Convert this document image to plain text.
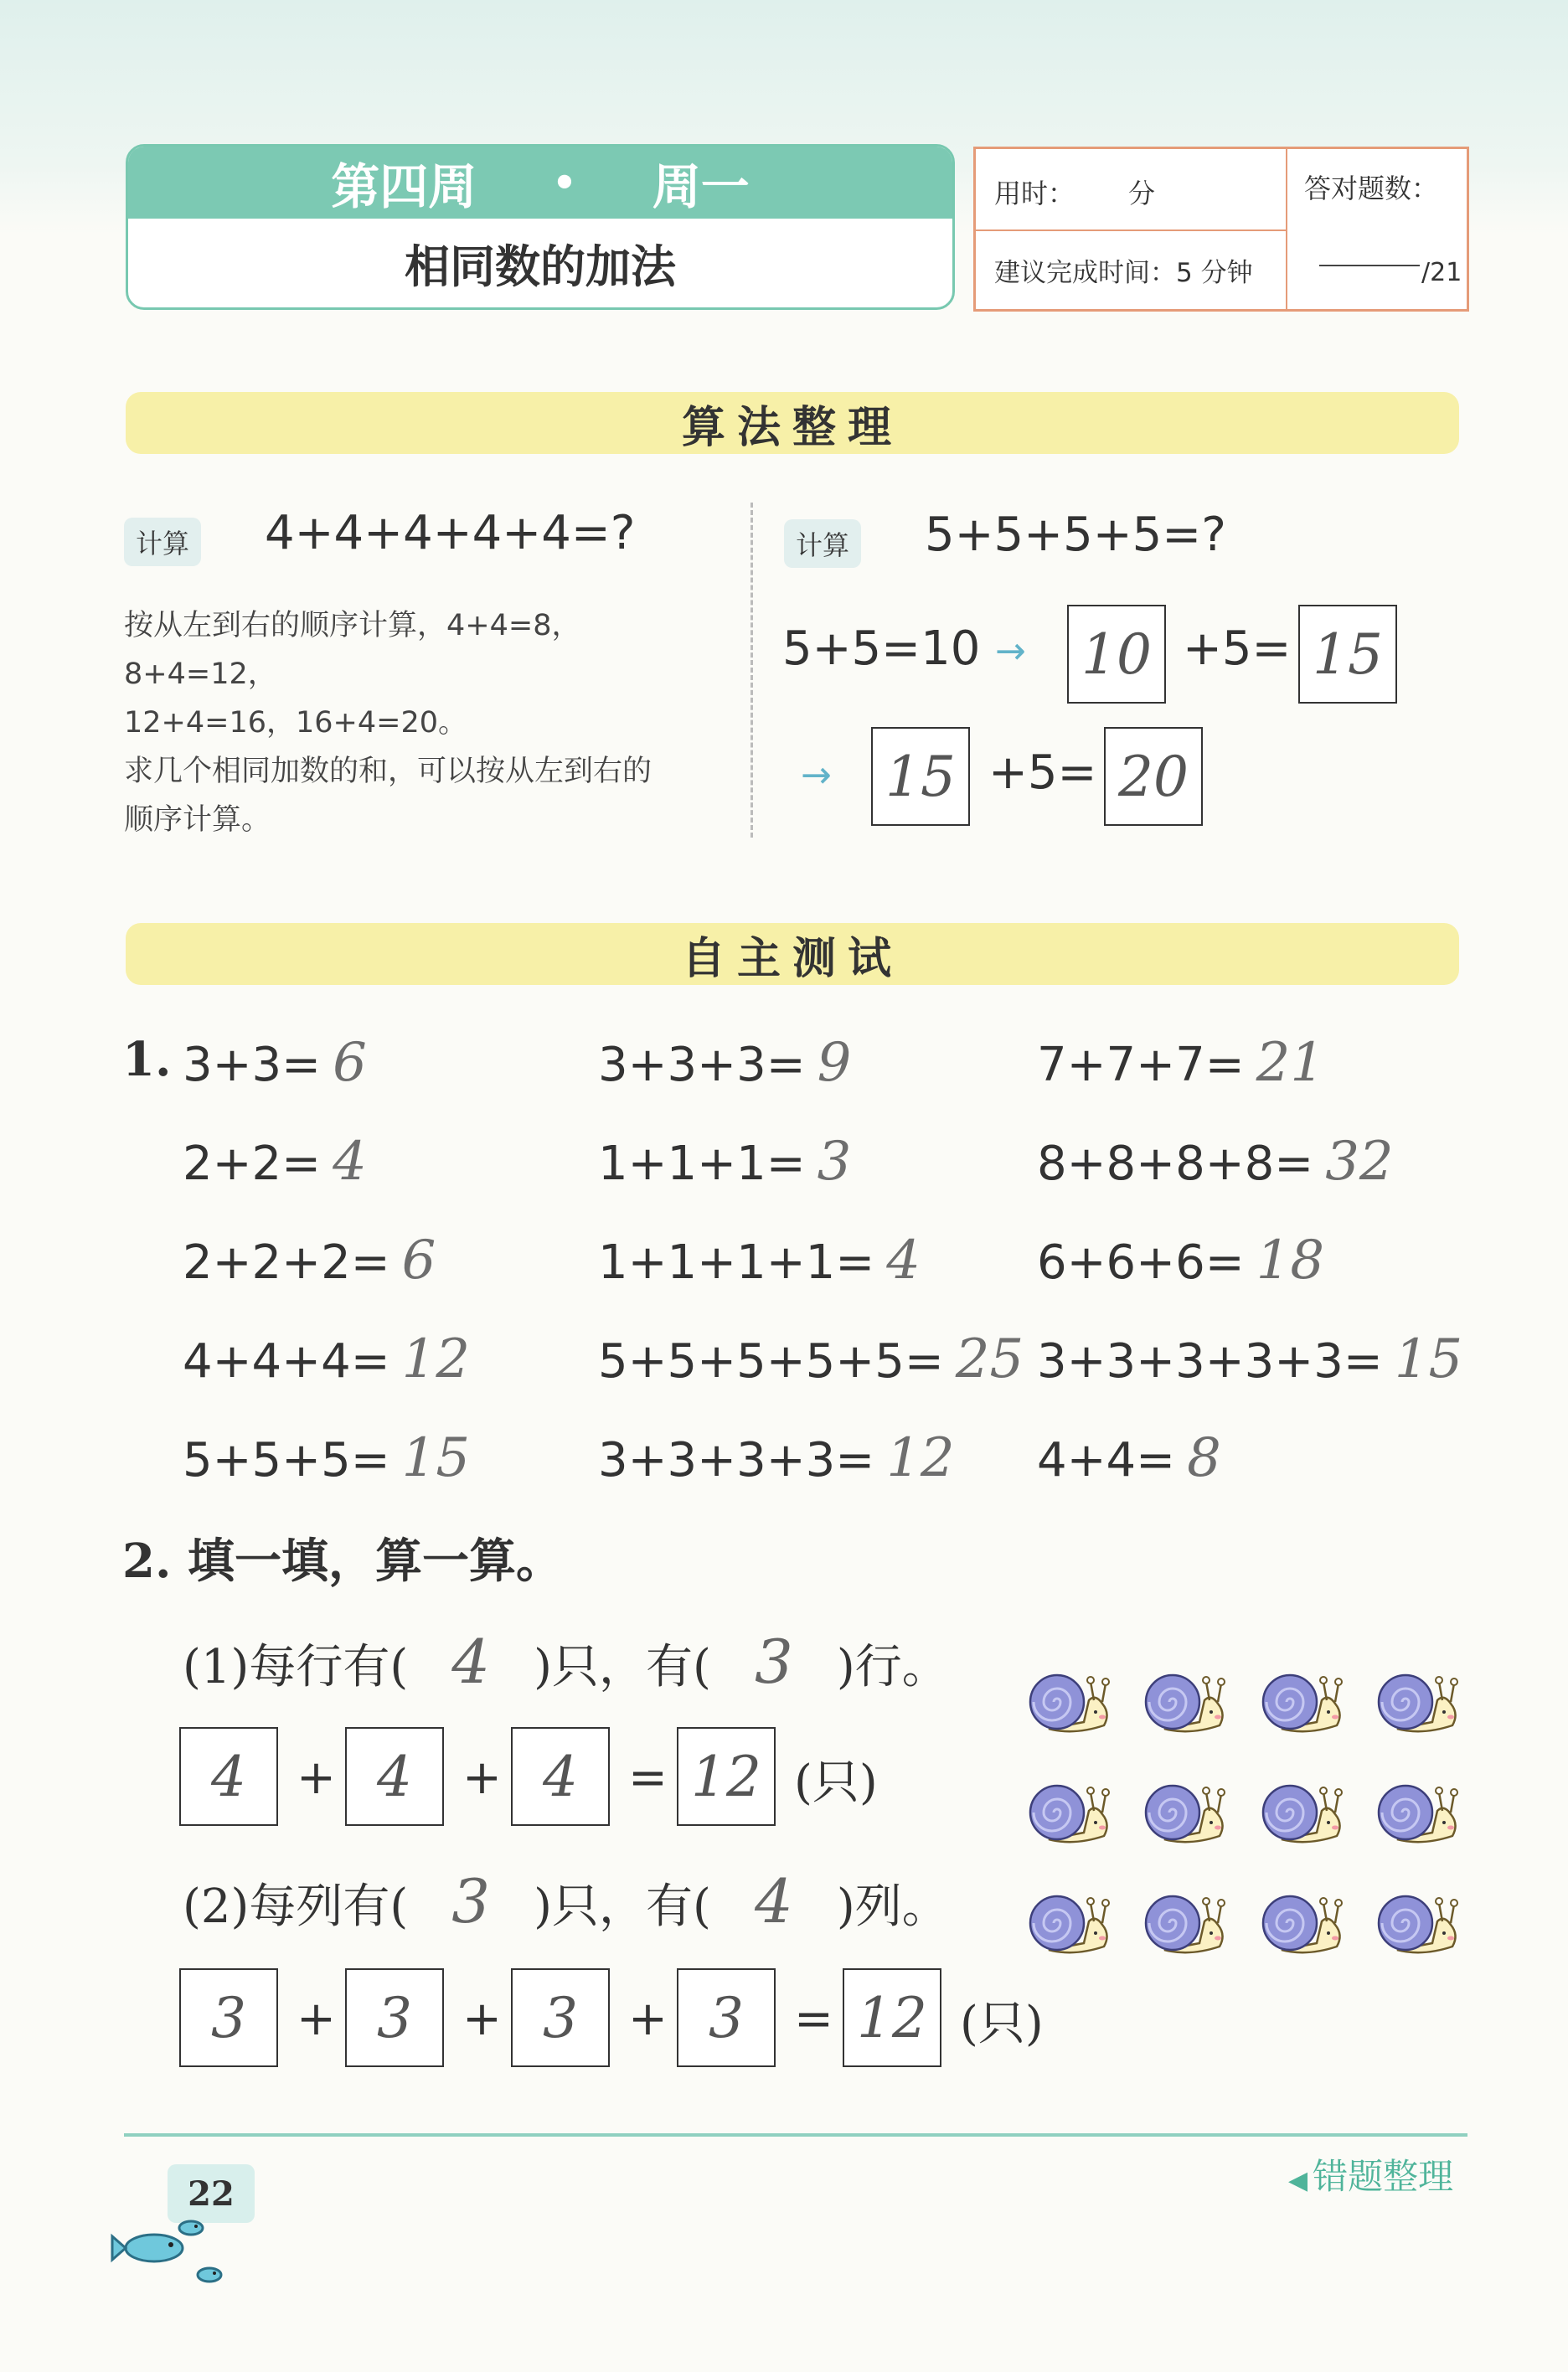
第四周 • 周一
相同数的加法
用时： 分
建议完成时间：5 分钟
答对题数：
/21
算法整理
计算 4+4+4+4+4=?
按从左到右的顺序计算，4+4=8，8+4=12，
12+4=16，16+4=20。
求几个相同加数的和，可以按从左到右的
顺序计算。
计算 5+5+5+5=?
5+5=10 → 10 +5= 15
→ 15 +5= 20
自主测试
1. 3+3= 6	3+3+3= 9	7+7+7= 21
2+2= 4	1+1+1= 3	8+8+8+8= 32
2+2+2= 6	1+1+1+1= 4 6+6+6= 18
4+4+4= 12	5+5+5+5+5= 25 3+3+3+3+3= 15
5+5+5= 15	3+3+3+3= 12 4+4= 8
2. 填一填，算一算。
(1)每行有( 4 )只，有( 3 )行。
4	+ 4	+ 4	= 12 (只)
(2)每列有( 3 )只，有( 4 )列。
3	+ 3	+ 3	+ 3	= 12 (只)
22	◀ 错题整理
